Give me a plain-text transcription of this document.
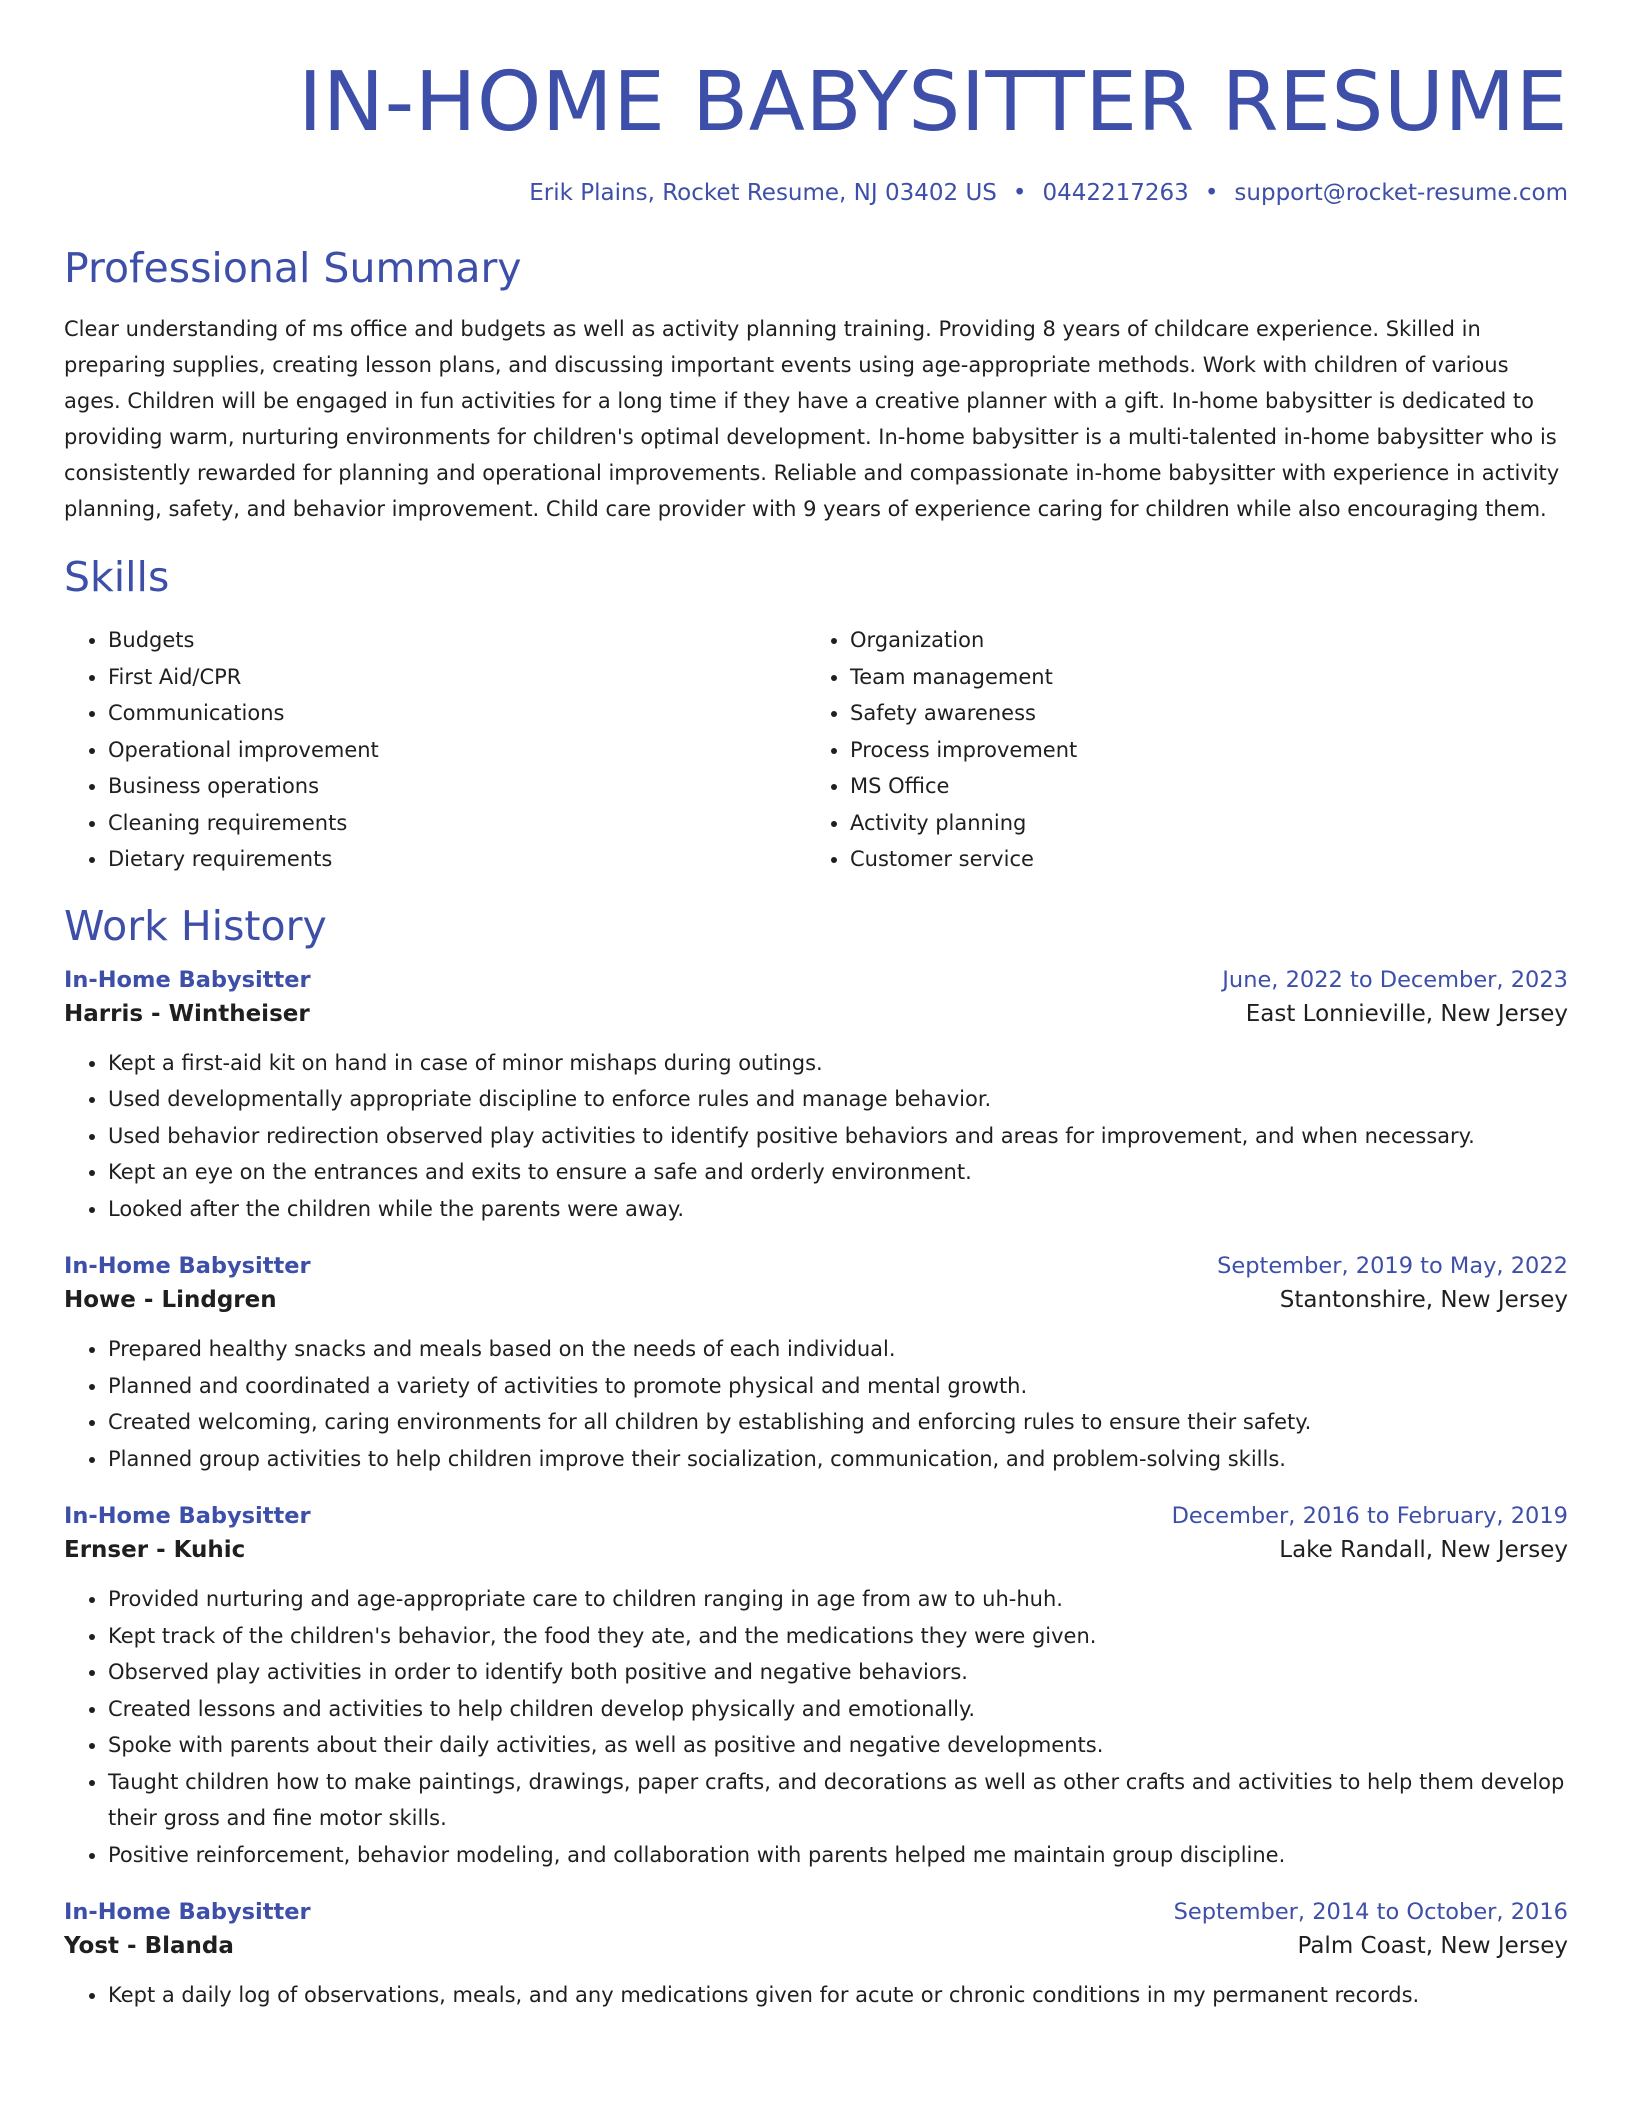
IN-HOME BABYSITTER RESUME
Erik Plains, Rocket Resume, NJ 03402 US • 0442217263 • support@rocket-resume.com
Professional Summary
Clear understanding of ms office and budgets as well as activity planning training. Providing 8 years of childcare experience. Skilled in preparing supplies, creating lesson plans, and discussing important events using age-appropriate methods. Work with children of various ages. Children will be engaged in fun activities for a long time if they have a creative planner with a gift. In-home babysitter is dedicated to providing warm, nurturing environments for children's optimal development. In-home babysitter is a multi-talented in-home babysitter who is consistently rewarded for planning and operational improvements. Reliable and compassionate in-home babysitter with experience in activity planning, safety, and behavior improvement. Child care provider with 9 years of experience caring for children while also encouraging them.
Skills
• Budgets
• First Aid/CPR
• Communications
• Operational improvement
• Business operations
• Cleaning requirements
• Dietary requirements
• Organization
• Team management
• Safety awareness
• Process improvement
• MS Office
• Activity planning
• Customer service
Work History
In-Home Babysitter	June, 2022 to December, 2023
Harris - Wintheiser	East Lonnieville, New Jersey
• Kept a first-aid kit on hand in case of minor mishaps during outings.
• Used developmentally appropriate discipline to enforce rules and manage behavior.
• Used behavior redirection observed play activities to identify positive behaviors and areas for improvement, and when necessary.
• Kept an eye on the entrances and exits to ensure a safe and orderly environment.
• Looked after the children while the parents were away.
In-Home Babysitter	September, 2019 to May, 2022
Howe - Lindgren	Stantonshire, New Jersey
• Prepared healthy snacks and meals based on the needs of each individual.
• Planned and coordinated a variety of activities to promote physical and mental growth.
• Created welcoming, caring environments for all children by establishing and enforcing rules to ensure their safety.
• Planned group activities to help children improve their socialization, communication, and problem-solving skills.
In-Home Babysitter	December, 2016 to February, 2019
Ernser - Kuhic	Lake Randall, New Jersey
• Provided nurturing and age-appropriate care to children ranging in age from aw to uh-huh.
• Kept track of the children's behavior, the food they ate, and the medications they were given.
• Observed play activities in order to identify both positive and negative behaviors.
• Created lessons and activities to help children develop physically and emotionally.
• Spoke with parents about their daily activities, as well as positive and negative developments.
• Taught children how to make paintings, drawings, paper crafts, and decorations as well as other crafts and activities to help them develop their gross and fine motor skills.
• Positive reinforcement, behavior modeling, and collaboration with parents helped me maintain group discipline.
In-Home Babysitter	September, 2014 to October, 2016
Yost - Blanda	Palm Coast, New Jersey
• Kept a daily log of observations, meals, and any medications given for acute or chronic conditions in my permanent records.
